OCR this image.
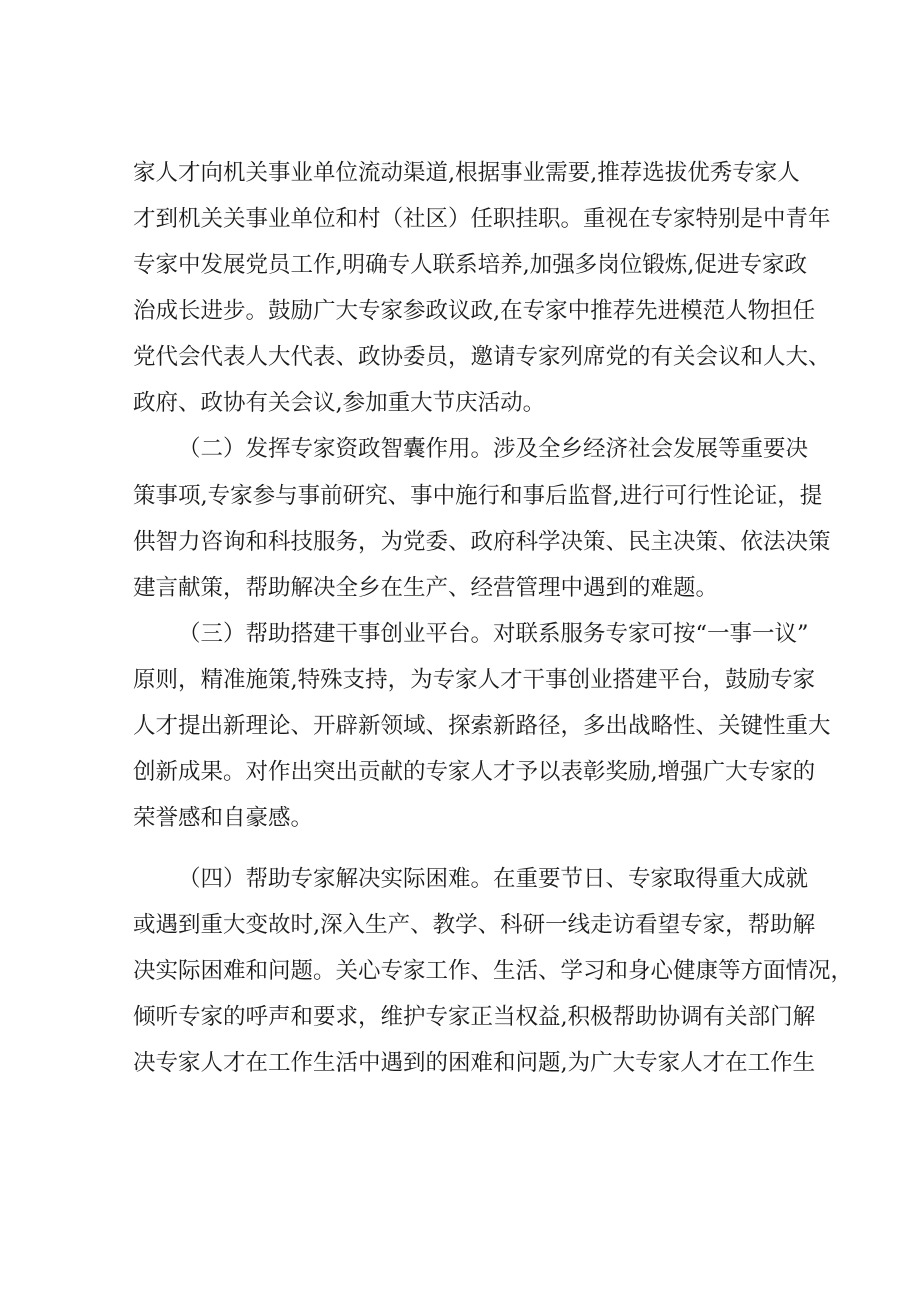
家人才向机关事业单位流动渠道,根据事业需要,推荐选拔优秀专家人
才到机关关事业单位和村（社区）任职挂职。重视在专家特别是中青年
专家中发展党员工作,明确专人联系培养,加强多岗位锻炼,促进专家政
治成长进步。鼓励广大专家参政议政,在专家中推荐先进模范人物担任
党代会代表人大代表、政协委员，邀请专家列席党的有关会议和人大、
政府、政协有关会议,参加重大节庆活动。
（二）发挥专家资政智囊作用。涉及全乡经济社会发展等重要决
策事项,专家参与事前研究、事中施行和事后监督,进行可行性论证，提
供智力咨询和科技服务，为党委、政府科学决策、民主决策、依法决策
建言献策，帮助解决全乡在生产、经营管理中遇到的难题。
（三）帮助搭建干事创业平台。对联系服务专家可按“一事一议”
原则，精准施策,特殊支持，为专家人才干事创业搭建平台，鼓励专家
人才提出新理论、开辟新领域、探索新路径，多出战略性、关键性重大
创新成果。对作出突出贡献的专家人才予以表彰奖励,增强广大专家的
荣誉感和自豪感。
（四）帮助专家解决实际困难。在重要节日、专家取得重大成就
或遇到重大变故时,深入生产、教学、科研一线走访看望专家，帮助解
决实际困难和问题。关心专家工作、生活、学习和身心健康等方面情况，
倾听专家的呼声和要求，维护专家正当权益,积极帮助协调有关部门解
决专家人才在工作生活中遇到的困难和问题,为广大专家人才在工作生
